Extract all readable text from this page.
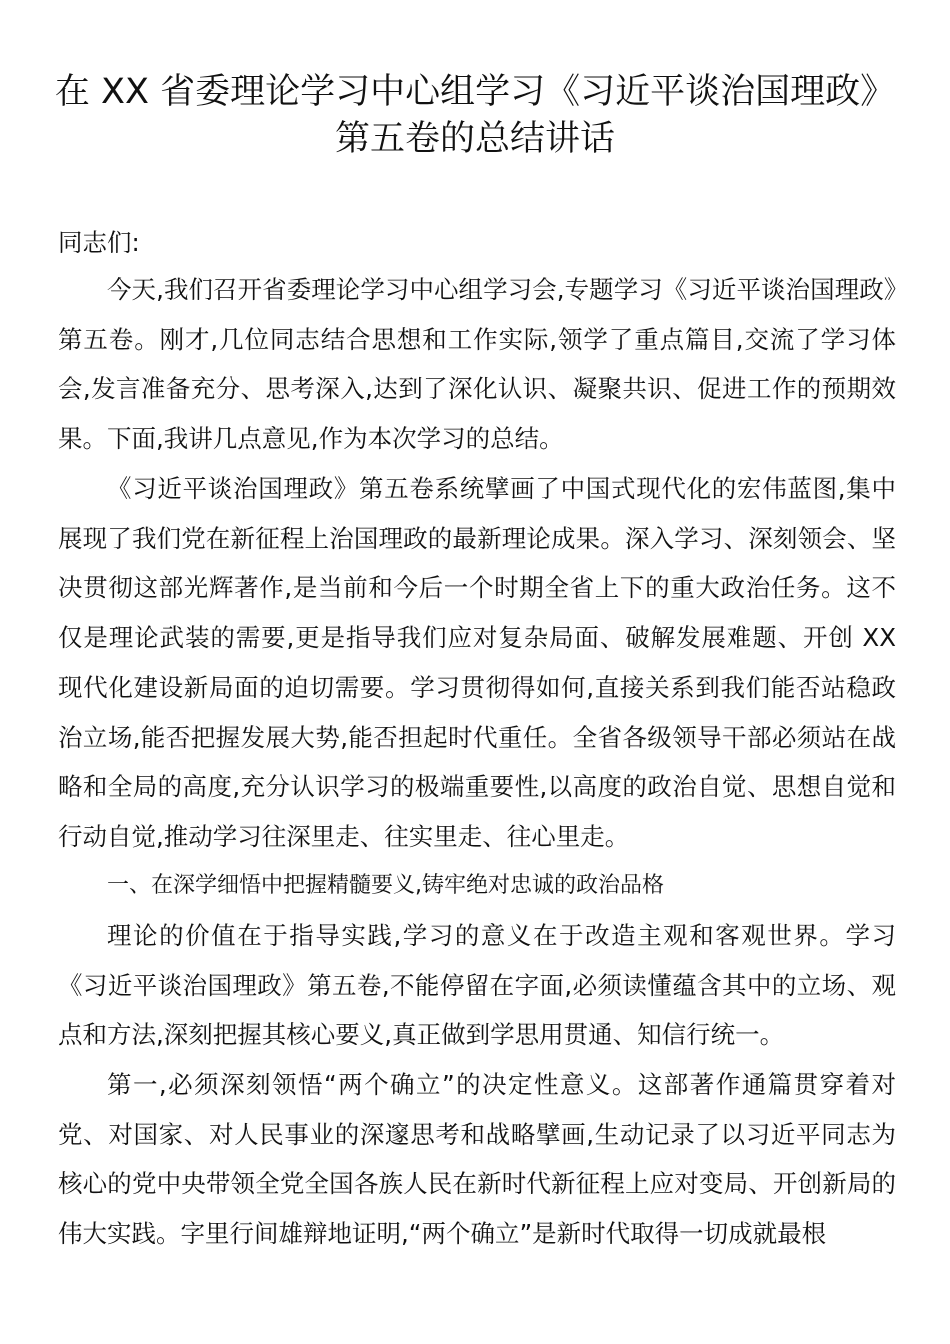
在 XX 省委理论学习中心组学习《习近平谈治国理政》
第五卷的总结讲话

同志们:

今天,我们召开省委理论学习中心组学习会,专题学习《习近平谈治国理政》第五卷。刚才,几位同志结合思想和工作实际,领学了重点篇目,交流了学习体会,发言准备充分、思考深入,达到了深化认识、凝聚共识、促进工作的预期效果。下面,我讲几点意见,作为本次学习的总结。

《习近平谈治国理政》第五卷系统擘画了中国式现代化的宏伟蓝图,集中展现了我们党在新征程上治国理政的最新理论成果。深入学习、深刻领会、坚决贯彻这部光辉著作,是当前和今后一个时期全省上下的重大政治任务。这不仅是理论武装的需要,更是指导我们应对复杂局面、破解发展难题、开创 XX 现代化建设新局面的迫切需要。学习贯彻得如何,直接关系到我们能否站稳政治立场,能否把握发展大势,能否担起时代重任。全省各级领导干部必须站在战略和全局的高度,充分认识学习的极端重要性,以高度的政治自觉、思想自觉和行动自觉,推动学习往深里走、往实里走、往心里走。

一、在深学细悟中把握精髓要义,铸牢绝对忠诚的政治品格

理论的价值在于指导实践,学习的意义在于改造主观和客观世界。学习《习近平谈治国理政》第五卷,不能停留在字面,必须读懂蕴含其中的立场、观点和方法,深刻把握其核心要义,真正做到学思用贯通、知信行统一。

第一,必须深刻领悟“两个确立”的决定性意义。这部著作通篇贯穿着对党、对国家、对人民事业的深邃思考和战略擘画,生动记录了以习近平同志为核心的党中央带领全党全国各族人民在新时代新征程上应对变局、开创新局的伟大实践。字里行间雄辩地证明,“两个确立”是新时代取得一切成就最根
